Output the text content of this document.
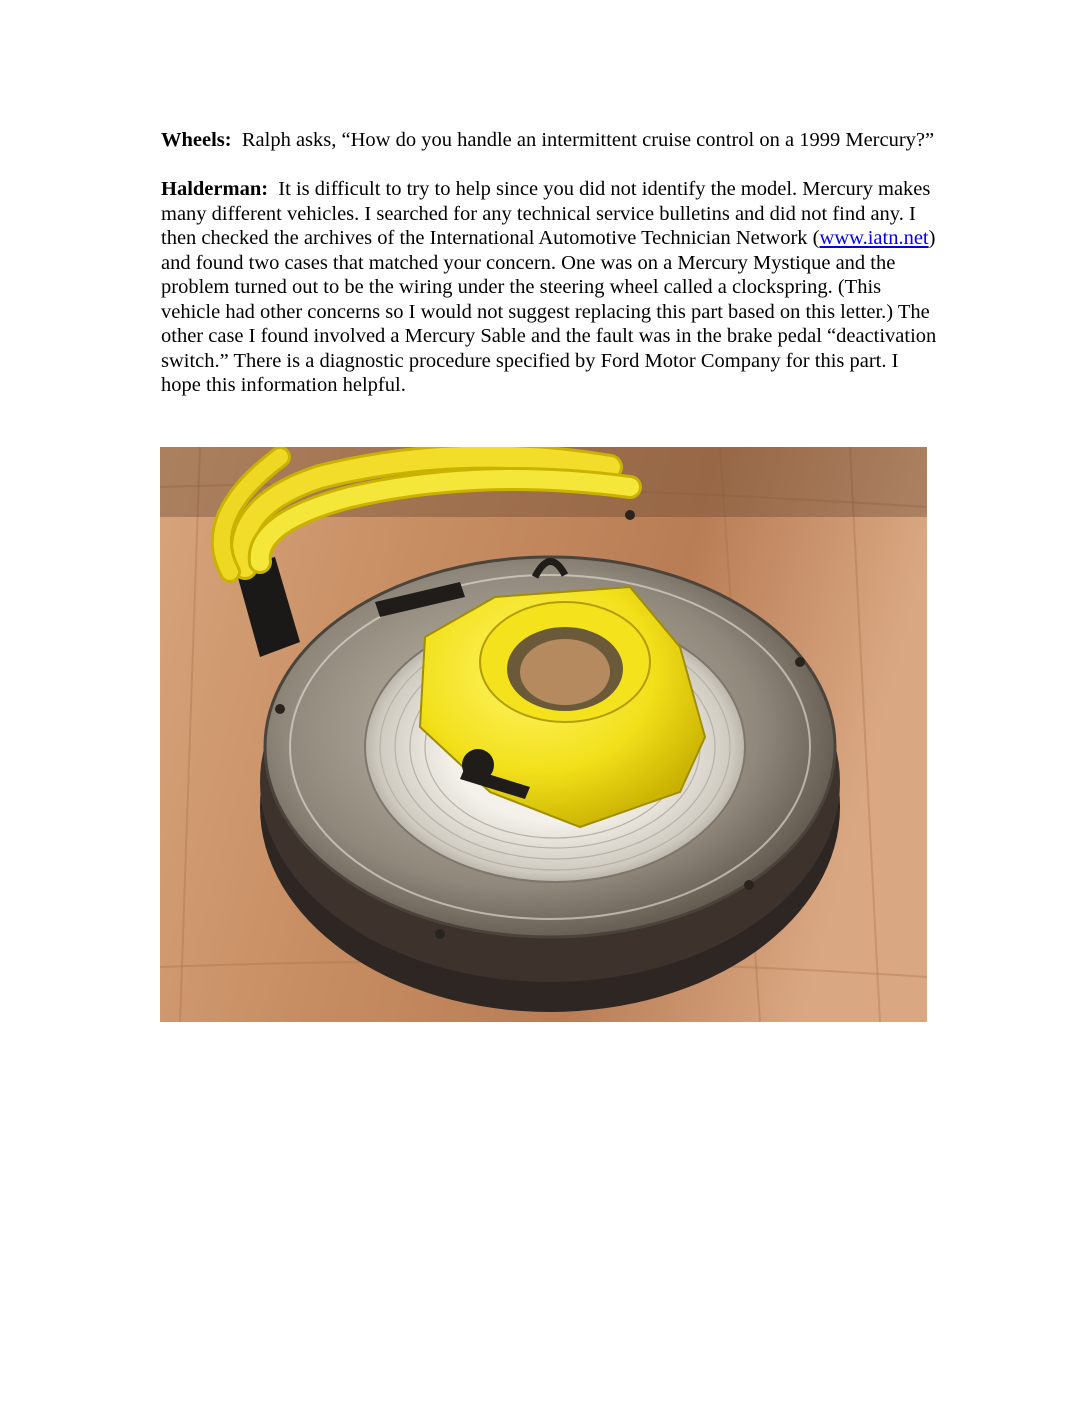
Wheels: Ralph asks, “How do you handle an intermittent cruise control on a 1999 Mercury?”

Halderman: It is difficult to try to help since you did not identify the model. Mercury makes many different vehicles. I searched for any technical service bulletins and did not find any. I then checked the archives of the International Automotive Technician Network (www.iatn.net) and found two cases that matched your concern. One was on a Mercury Mystique and the problem turned out to be the wiring under the steering wheel called a clockspring. (This vehicle had other concerns so I would not suggest replacing this part based on this letter.) The other case I found involved a Mercury Sable and the fault was in the brake pedal “deactivation switch.” There is a diagnostic procedure specified by Ford Motor Company for this part. I hope this information helpful.
